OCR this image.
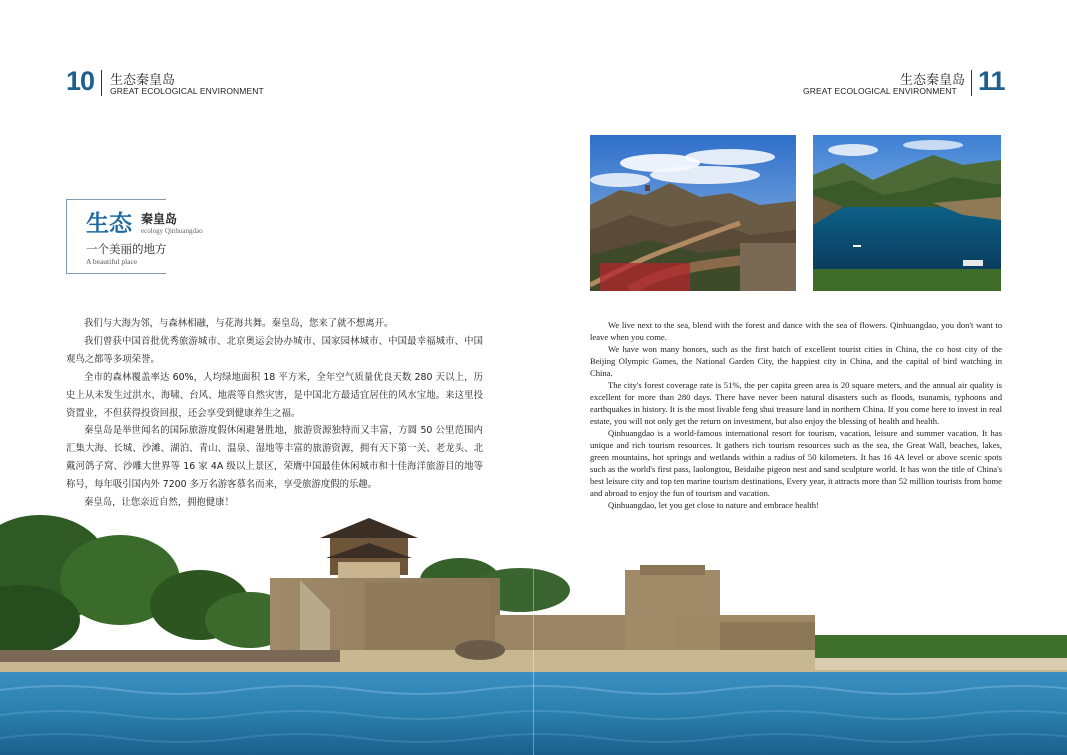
10 生态秦皇岛
GREAT ECOLOGICAL ENVIRONMENT
生态秦皇岛
GREAT ECOLOGICAL ENVIRONMENT 11
生态 秦皇岛
ecology Qinhuangdao
一个美丽的地方
A beautiful place

我们与大海为邻，与森林相融，与花海共舞。秦皇岛，您来了就不想离开。

我们曾获中国首批优秀旅游城市、北京奥运会协办城市、国家园林城市、中国最幸福城市、中国观鸟之都等多项荣誉。

全市的森林覆盖率达 60%，人均绿地面积 18 平方米，全年空气质量优良天数 280 天以上，历史上从未发生过洪水、海啸、台风、地震等自然灾害，是中国北方最适宜居住的风水宝地。来这里投资置业，不但获得投资回报，还会享受到健康养生之福。

秦皇岛是举世闻名的国际旅游度假休闲避暑胜地，旅游资源独特而又丰富，方圆 50 公里范围内汇集大海、长城、沙滩、湖泊、青山、温泉、湿地等丰富的旅游资源，拥有天下第一关、老龙头、北戴河鸽子窝、沙雕大世界等 16 家 4A 级以上景区，荣膺中国最佳休闲城市和十佳海洋旅游目的地等称号，每年吸引国内外 7200 多万名游客慕名而来，享受旅游度假的乐趣。

秦皇岛，让您亲近自然，拥抱健康！

We live next to the sea, blend with the forest and dance with the sea of flowers. Qinhuangdao, you don't want to leave when you come.

We have won many honors, such as the first batch of excellent tourist cities in China, the co host city of the Beijing Olympic Games, the National Garden City, the happiest city in China, and the capital of bird watching in China.

The city's forest coverage rate is 51%, the per capita green area is 20 square meters, and the annual air quality is excellent for more than 280 days. There have never been natural disasters such as floods, tsunamis, typhoons and earthquakes in history. It is the most livable feng shui treasure land in northern China. If you come here to invest in real estate, you will not only get the return on investment, but also enjoy the blessing of health and health.

Qinhuangdao is a world-famous international resort for tourism, vacation, leisure and summer vacation. It has unique and rich tourism resources. It gathers rich tourism resources such as the sea, the Great Wall, beaches, lakes, green mountains, hot springs and wetlands within a radius of 50 kilometers. It has 16 4A level or above scenic spots such as the world's first pass, laolongtou, Beidaihe pigeon nest and sand sculpture world. It has won the title of China's best leisure city and top ten marine tourism destinations, Every year, it attracts more than 52 million tourists from home and abroad to enjoy the fun of tourism and vacation.

Qinhuangdao, let you get close to nature and embrace health!
